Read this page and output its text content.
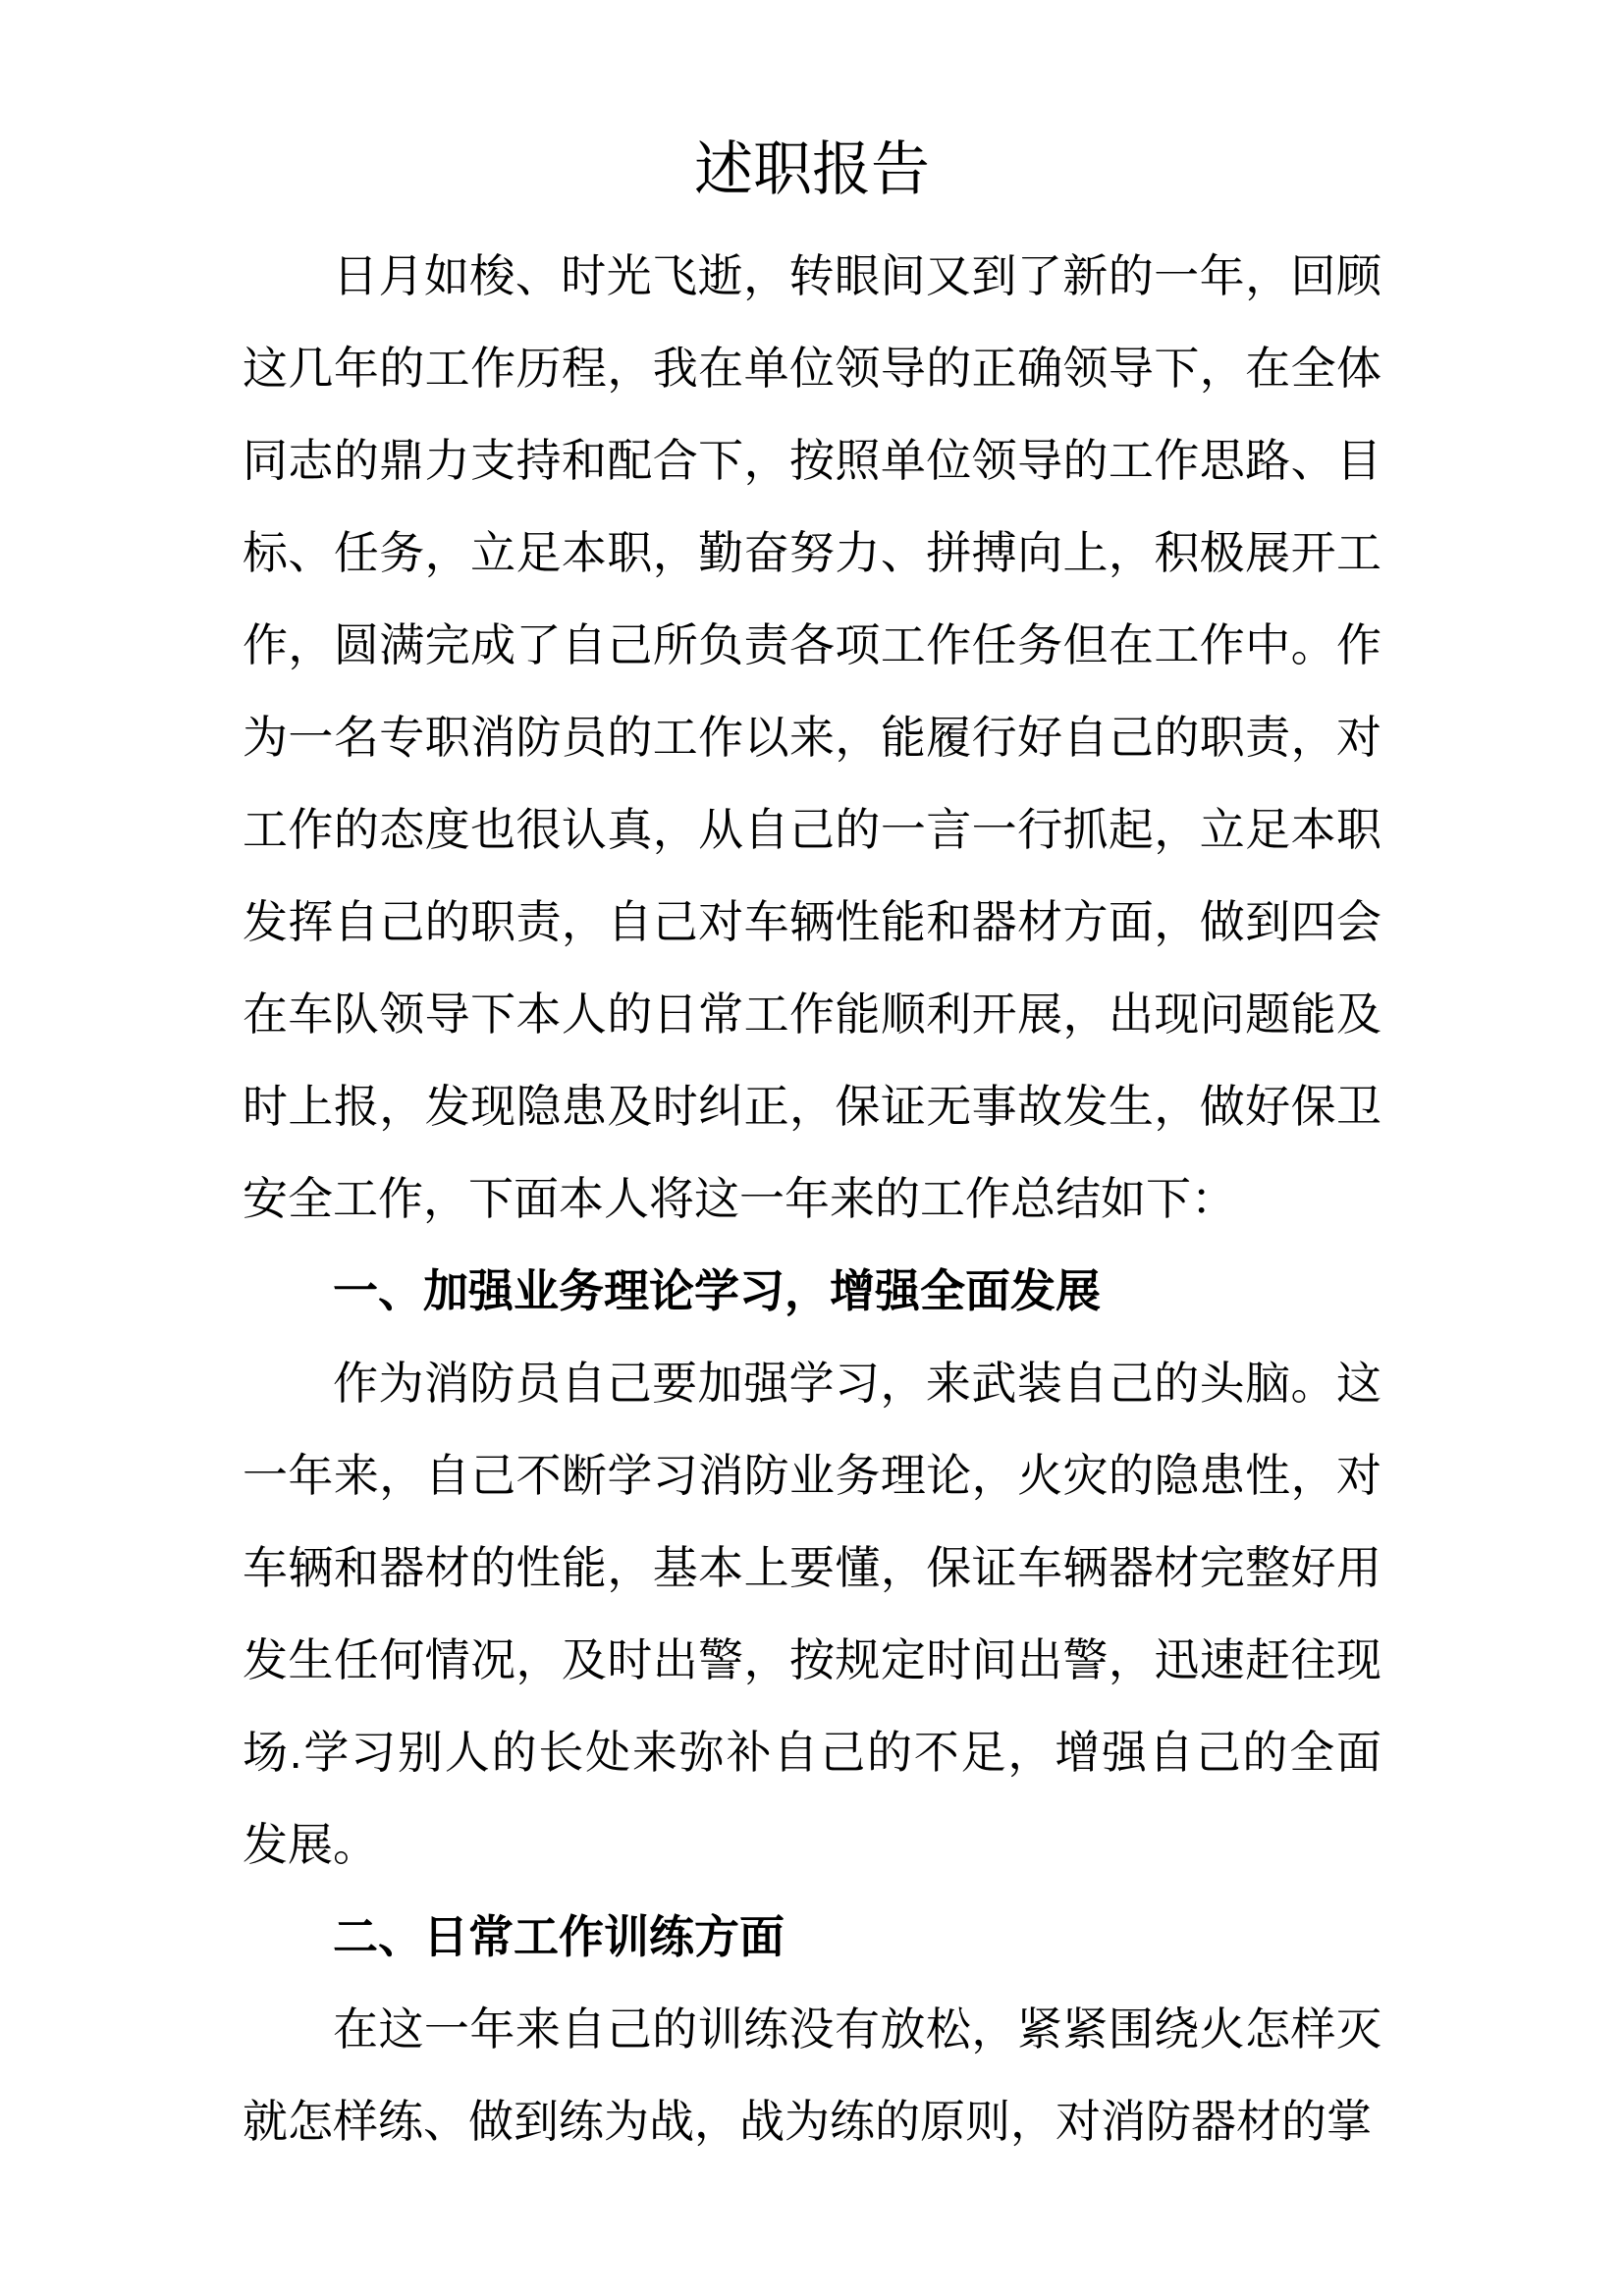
述职报告

日月如梭、时光飞逝，转眼间又到了新的一年，回顾这几年的工作历程，我在单位领导的正确领导下，在全体同志的鼎力支持和配合下，按照单位领导的工作思路、目标、任务，立足本职，勤奋努力、拼搏向上，积极展开工作，圆满完成了自己所负责各项工作任务但在工作中。作为一名专职消防员的工作以来，能履行好自己的职责，对工作的态度也很认真，从自己的一言一行抓起，立足本职发挥自己的职责，自己对车辆性能和器材方面，做到四会在车队领导下本人的日常工作能顺利开展，出现问题能及时上报，发现隐患及时纠正，保证无事故发生，做好保卫安全工作，下面本人将这一年来的工作总结如下：

一、加强业务理论学习，增强全面发展

作为消防员自己要加强学习，来武装自己的头脑。这一年来，自己不断学习消防业务理论，火灾的隐患性，对车辆和器材的性能，基本上要懂，保证车辆器材完整好用发生任何情况，及时出警，按规定时间出警，迅速赶往现场.学习别人的长处来弥补自己的不足，增强自己的全面发展。

二、日常工作训练方面

在这一年来自己的训练没有放松，紧紧围绕火怎样灭就怎样练、做到练为战，战为练的原则，对消防器材的掌
